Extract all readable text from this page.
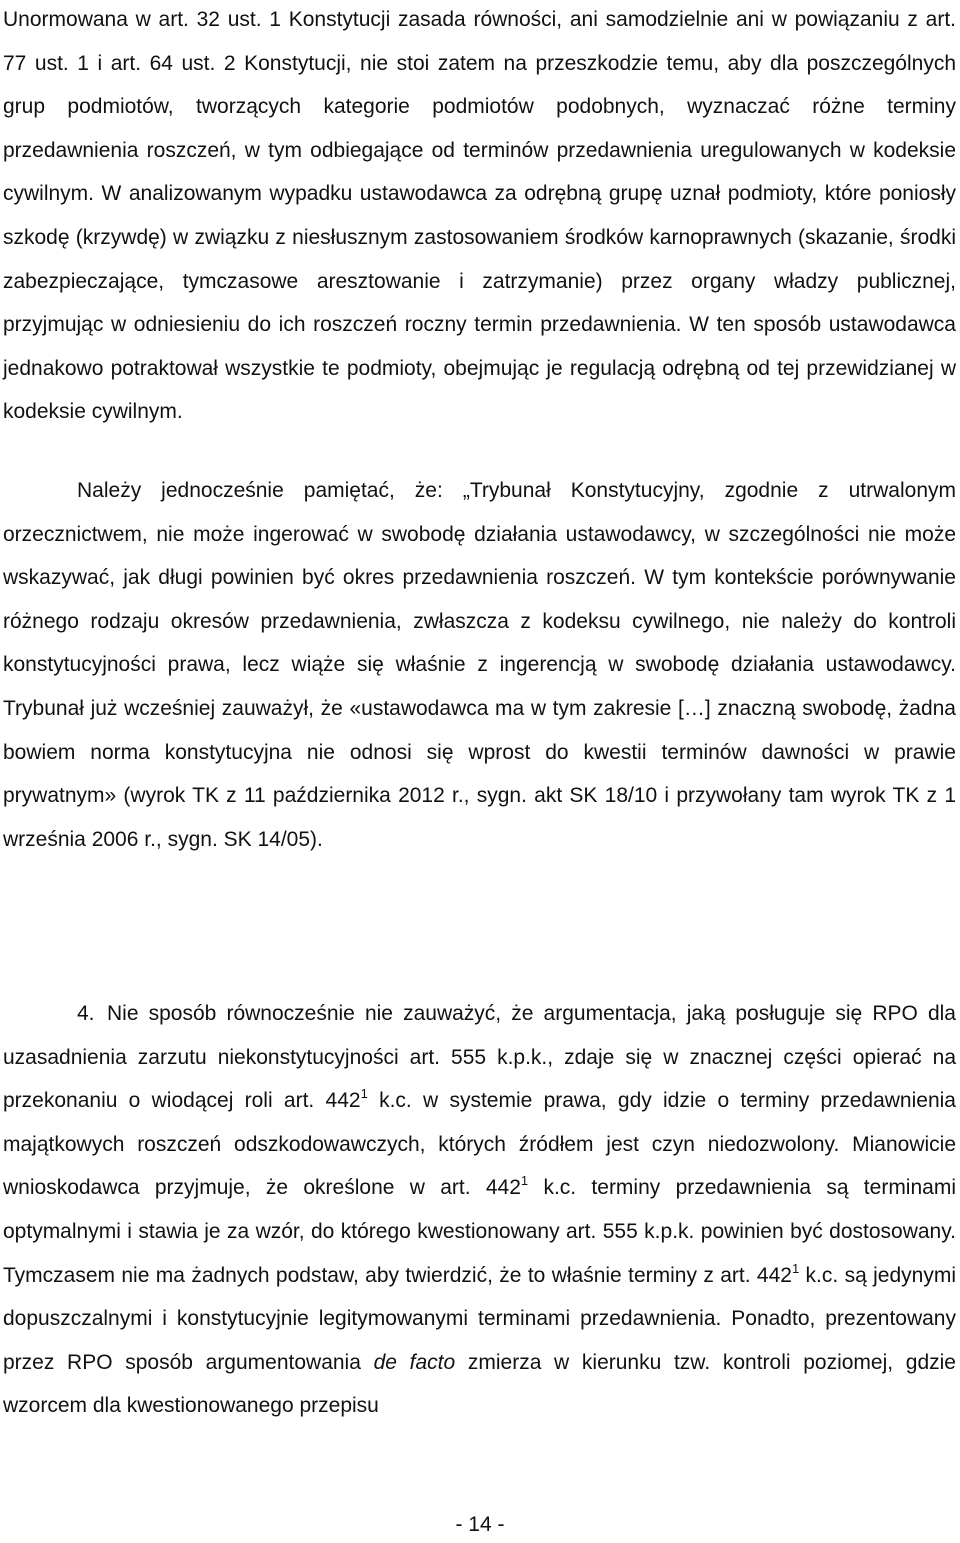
Unormowana w art. 32 ust. 1 Konstytucji zasada równości, ani samodzielnie ani w powiązaniu z art. 77 ust. 1 i art. 64 ust. 2 Konstytucji, nie stoi zatem na przeszkodzie temu, aby dla poszczególnych grup podmiotów, tworzących kategorie podmiotów podobnych, wyznaczać różne terminy przedawnienia roszczeń, w tym odbiegające od terminów przedawnienia uregulowanych w kodeksie cywilnym. W analizowanym wypadku ustawodawca za odrębną grupę uznał podmioty, które poniosły szkodę (krzywdę) w związku z niesłusznym zastosowaniem środków karnoprawnych (skazanie, środki zabezpieczające, tymczasowe aresztowanie i zatrzymanie) przez organy władzy publicznej, przyjmując w odniesieniu do ich roszczeń roczny termin przedawnienia. W ten sposób ustawodawca jednakowo potraktował wszystkie te podmioty, obejmując je regulacją odrębną od tej przewidzianej w kodeksie cywilnym.

Należy jednocześnie pamiętać, że: „Trybunał Konstytucyjny, zgodnie z utrwalonym orzecznictwem, nie może ingerować w swobodę działania ustawodawcy, w szczególności nie może wskazywać, jak długi powinien być okres przedawnienia roszczeń. W tym kontekście porównywanie różnego rodzaju okresów przedawnienia, zwłaszcza z kodeksu cywilnego, nie należy do kontroli konstytucyjności prawa, lecz wiąże się właśnie z ingerencją w swobodę działania ustawodawcy. Trybunał już wcześniej zauważył, że «ustawodawca ma w tym zakresie […] znaczną swobodę, żadna bowiem norma konstytucyjna nie odnosi się wprost do kwestii terminów dawności w prawie prywatnym» (wyrok TK z 11 października 2012 r., sygn. akt SK 18/10 i przywołany tam wyrok TK z 1 września 2006 r., sygn. SK 14/05).

4. Nie sposób równocześnie nie zauważyć, że argumentacja, jaką posługuje się RPO dla uzasadnienia zarzutu niekonstytucyjności art. 555 k.p.k., zdaje się w znacznej części opierać na przekonaniu o wiodącej roli art. $442^1$ k.c. w systemie prawa, gdy idzie o terminy przedawnienia majątkowych roszczeń odszkodowawczych, których źródłem jest czyn niedozwolony. Mianowicie wnioskodawca przyjmuje, że określone w art. $442^1$ k.c. terminy przedawnienia są terminami optymalnymi i stawia je za wzór, do którego kwestionowany art. 555 k.p.k. powinien być dostosowany. Tymczasem nie ma żadnych podstaw, aby twierdzić, że to właśnie terminy z art. $442^1$ k.c. są jedynymi dopuszczalnymi i konstytucyjnie legitymowanymi terminami przedawnienia. Ponadto, prezentowany przez RPO sposób argumentowania de facto zmierza w kierunku tzw. kontroli poziomej, gdzie wzorcem dla kwestionowanego przepisu

- 14 -
